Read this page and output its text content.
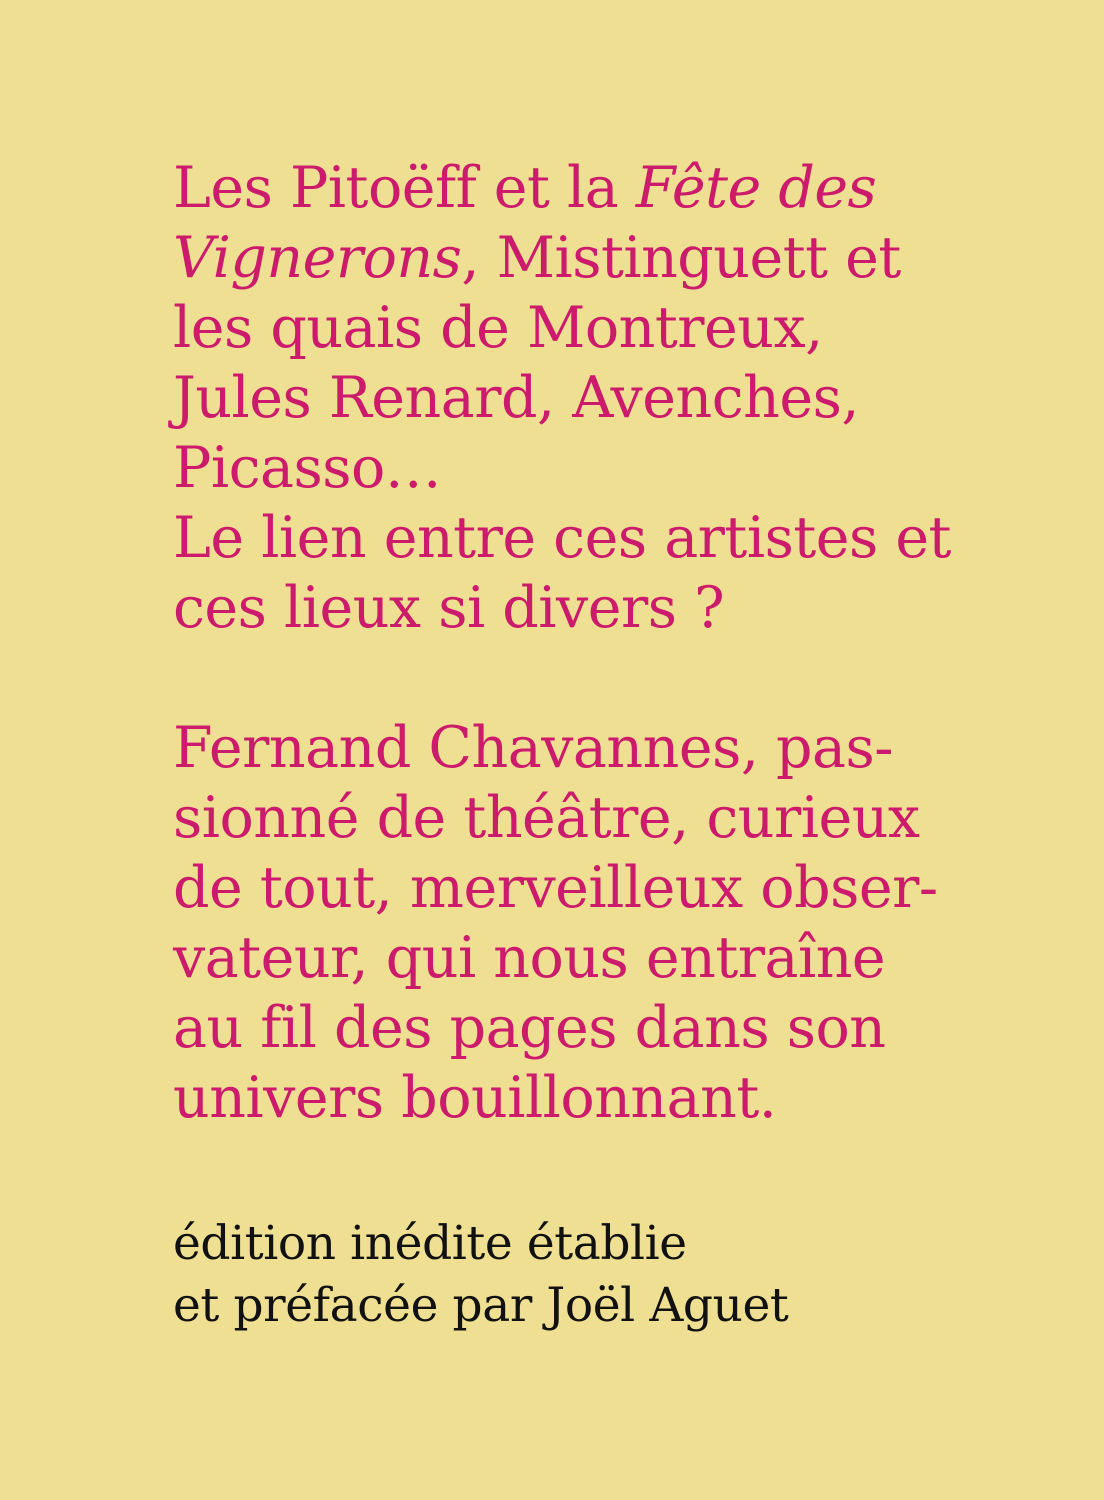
Les Pitoëff et la Fête des
Vignerons, Mistinguett et
les quais de Montreux,
Jules Renard, Avenches,
Picasso…
Le lien entre ces artistes et
ces lieux si divers ?

Fernand Chavannes, pas-
sionné de théâtre, curieux
de tout, merveilleux obser-
vateur, qui nous entraîne
au fil des pages dans son
univers bouillonnant.

édition inédite établie
et préfacée par Joël Aguet
